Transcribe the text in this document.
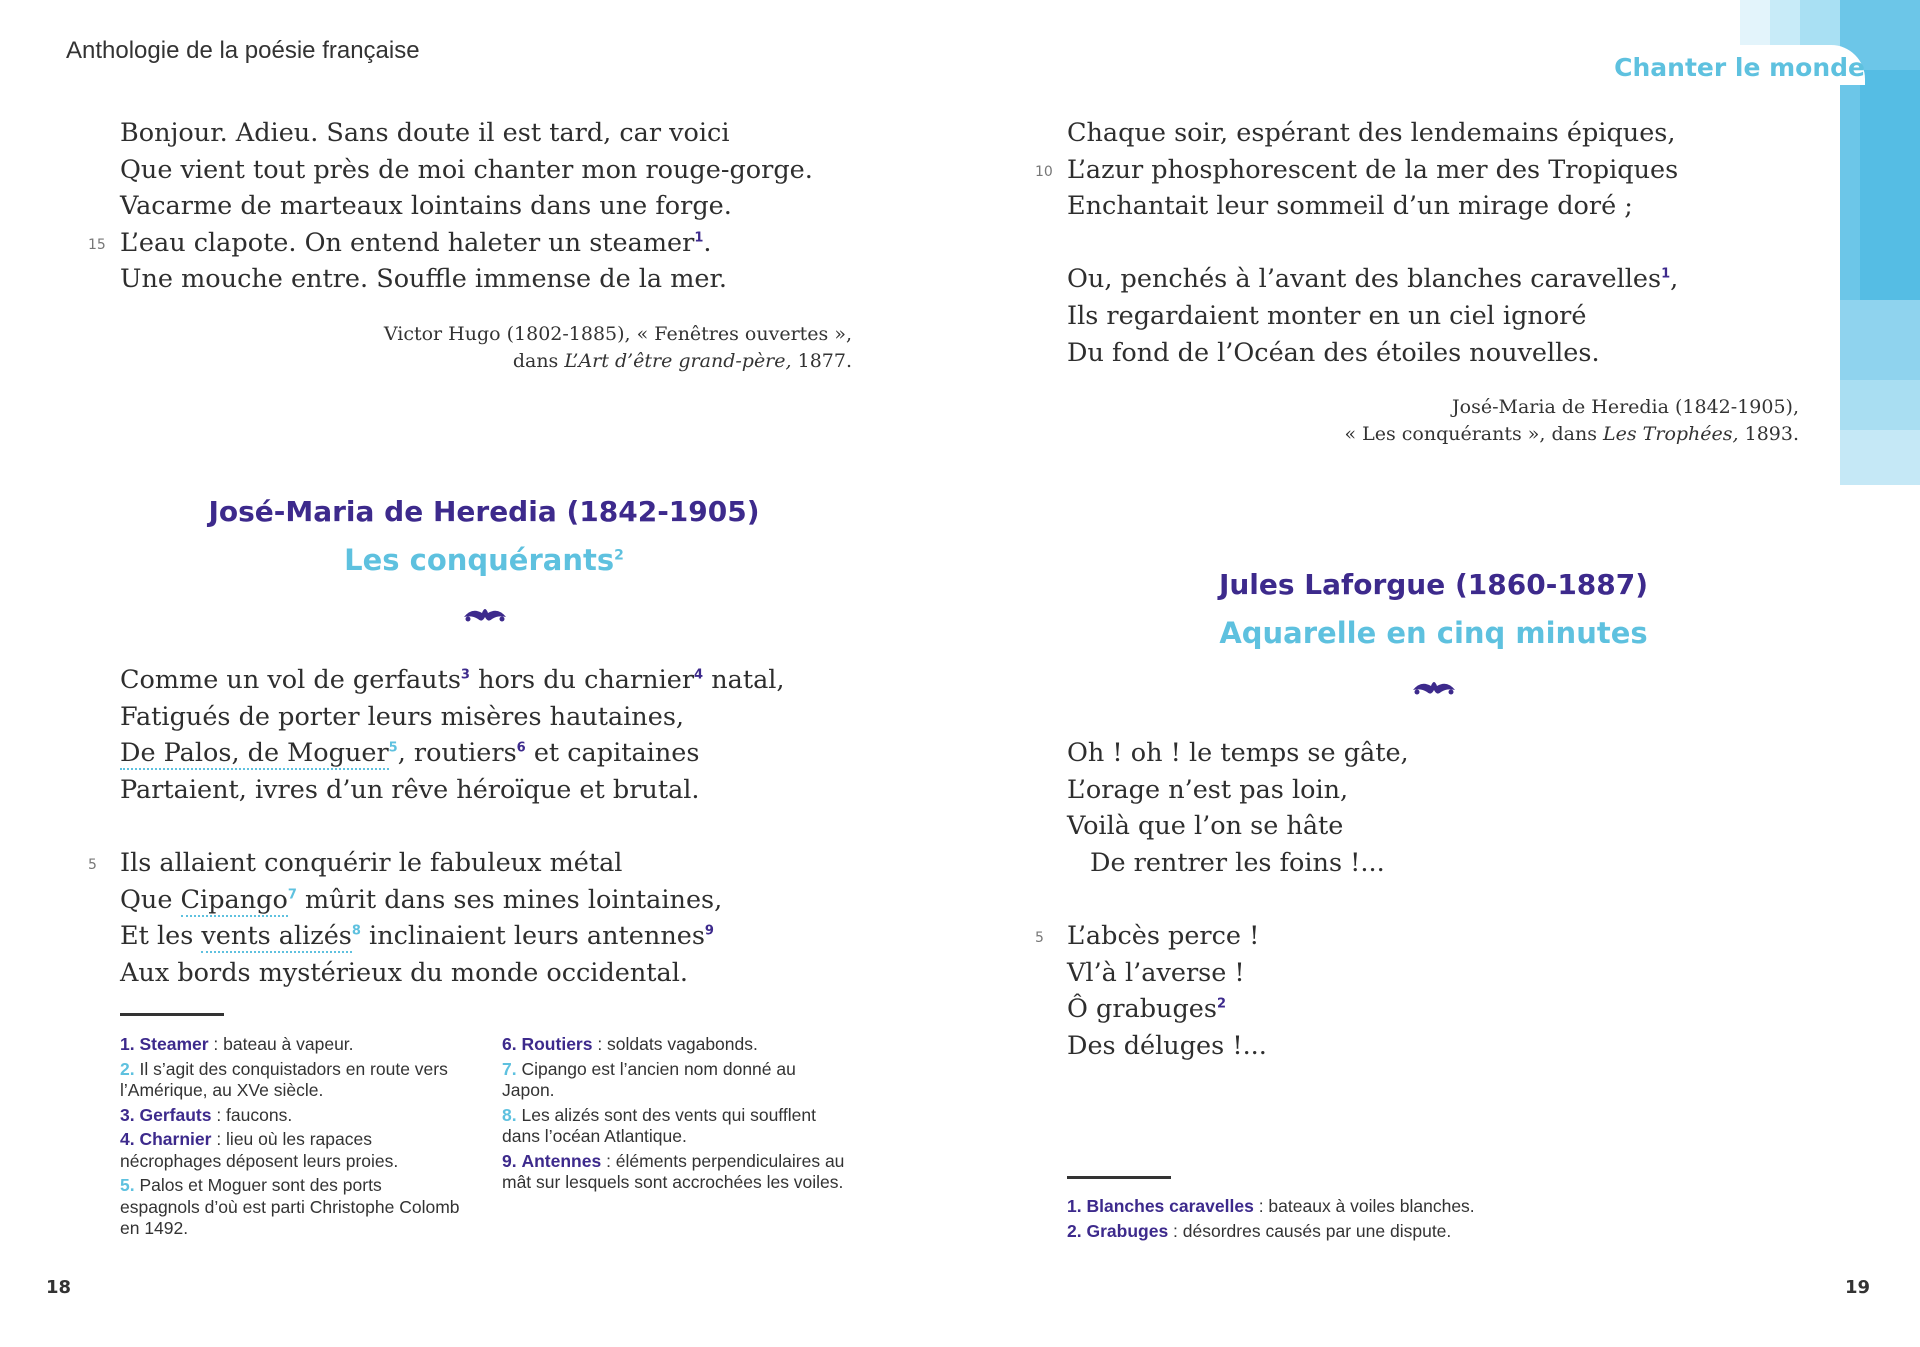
Anthologie de la poésie française
Chanter le monde
Bonjour. Adieu. Sans doute il est tard, car voici
Que vient tout près de moi chanter mon rouge-gorge.
Vacarme de marteaux lointains dans une forge.
15 L’eau clapote. On entend haleter un steamer$^1$.
Une mouche entre. Souffle immense de la mer.
Victor Hugo (1802-1885), « Fenêtres ouvertes »,
dans L’Art d’être grand-père, 1877.
José-Maria de Heredia (1842-1905)
Les conquérants$^2$
Comme un vol de gerfauts$^3$ hors du charnier$^4$ natal,
Fatigués de porter leurs misères hautaines,
De Palos, de Moguer$^5$, routiers$^6$ et capitaines
Partaient, ivres d’un rêve héroïque et brutal.
5 Ils allaient conquérir le fabuleux métal
Que Cipango$^7$ mûrit dans ses mines lointaines,
Et les vents alizés$^8$ inclinaient leurs antennes$^9$
Aux bords mystérieux du monde occidental.
1. Steamer : bateau à vapeur.
2. Il s’agit des conquistadors en route vers l’Amérique, au XVe siècle.
3. Gerfauts : faucons.
4. Charnier : lieu où les rapaces nécrophages déposent leurs proies.
5. Palos et Moguer sont des ports espagnols d’où est parti Christophe Colomb en 1492.
6. Routiers : soldats vagabonds.
7. Cipango est l’ancien nom donné au Japon.
8. Les alizés sont des vents qui soufflent dans l’océan Atlantique.
9. Antennes : éléments perpendiculaires au mât sur lesquels sont accrochées les voiles.
Chaque soir, espérant des lendemains épiques,
10 L’azur phosphorescent de la mer des Tropiques
Enchantait leur sommeil d’un mirage doré ;
Ou, penchés à l’avant des blanches caravelles$^1$,
Ils regardaient monter en un ciel ignoré
Du fond de l’Océan des étoiles nouvelles.
José-Maria de Heredia (1842-1905),
« Les conquérants », dans Les Trophées, 1893.
Jules Laforgue (1860-1887)
Aquarelle en cinq minutes
Oh ! oh ! le temps se gâte,
L’orage n’est pas loin,
Voilà que l’on se hâte
De rentrer les foins !...
5 L’abcès perce !
Vl’à l’averse !
Ô grabuges$^2$
Des déluges !...
1. Blanches caravelles : bateaux à voiles blanches.
2. Grabuges : désordres causés par une dispute.
18	19
